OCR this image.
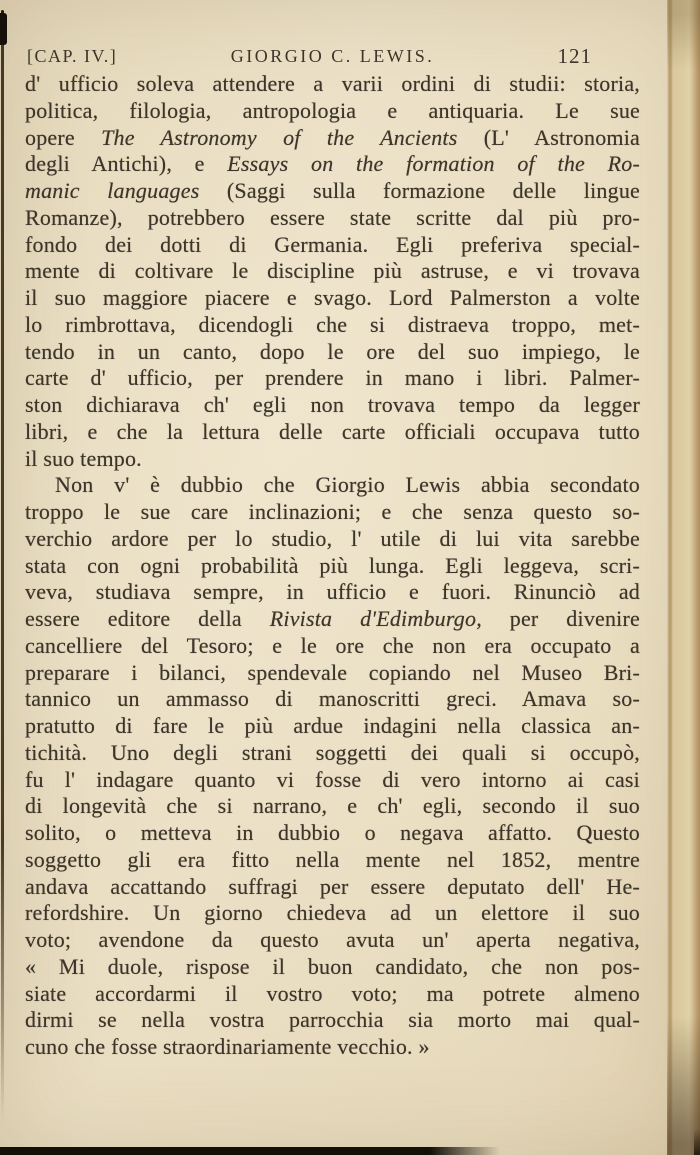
[CAP. IV.]	GIORGIO C. LEWIS.	121
d' ufficio soleva attendere a varii ordini di studii: storia,
politica, filologia, antropologia e antiquaria. Le sue
opere The Astronomy of the Ancients (L' Astronomia
degli Antichi), e Essays on the formation of the Ro-
manic languages (Saggi sulla formazione delle lingue
Romanze), potrebbero essere state scritte dal più pro-
fondo dei dotti di Germania. Egli preferiva special-
mente di coltivare le discipline più astruse, e vi trovava
il suo maggiore piacere e svago. Lord Palmerston a volte
lo rimbrottava, dicendogli che si distraeva troppo, met-
tendo in un canto, dopo le ore del suo impiego, le
carte d' ufficio, per prendere in mano i libri. Palmer-
ston dichiarava ch' egli non trovava tempo da legger
libri, e che la lettura delle carte officiali occupava tutto
il suo tempo.
Non v' è dubbio che Giorgio Lewis abbia secondato
troppo le sue care inclinazioni; e che senza questo so-
verchio ardore per lo studio, l' utile di lui vita sarebbe
stata con ogni probabilità più lunga. Egli leggeva, scri-
veva, studiava sempre, in ufficio e fuori. Rinunciò ad
essere editore della Rivista d'Edimburgo, per divenire
cancelliere del Tesoro; e le ore che non era occupato a
preparare i bilanci, spendevale copiando nel Museo Bri-
tannico un ammasso di manoscritti greci. Amava so-
pratutto di fare le più ardue indagini nella classica an-
tichità. Uno degli strani soggetti dei quali si occupò,
fu l' indagare quanto vi fosse di vero intorno ai casi
di longevità che si narrano, e ch' egli, secondo il suo
solito, o metteva in dubbio o negava affatto. Questo
soggetto gli era fitto nella mente nel 1852, mentre
andava accattando suffragi per essere deputato dell' He-
refordshire. Un giorno chiedeva ad un elettore il suo
voto; avendone da questo avuta un' aperta negativa,
« Mi duole, rispose il buon candidato, che non pos-
siate accordarmi il vostro voto; ma potrete almeno
dirmi se nella vostra parrocchia sia morto mai qual-
cuno che fosse straordinariamente vecchio. »
